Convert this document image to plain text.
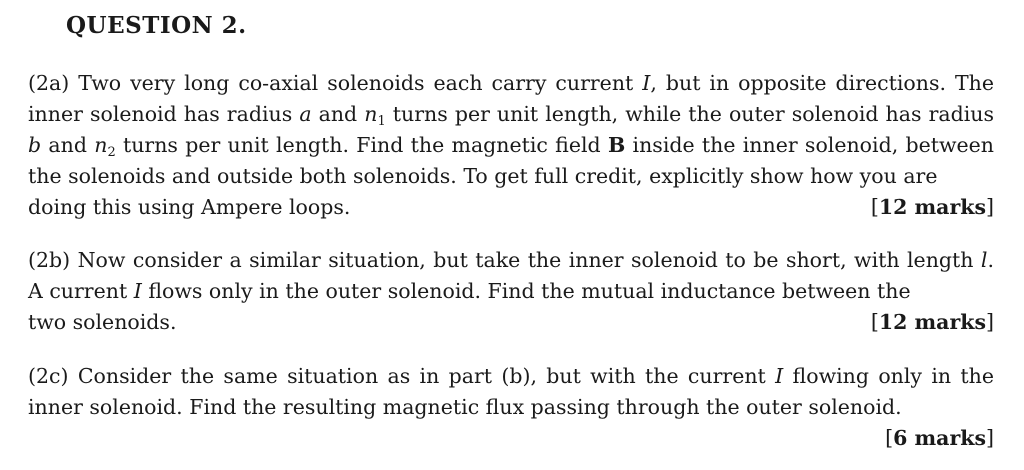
QUESTION 2.

(2a) Two very long co-axial solenoids each carry current I, but in opposite directions. The inner solenoid has radius a and $n_1$ turns per unit length, while the outer solenoid has radius b and $n_2$ turns per unit length. Find the magnetic field B inside the inner solenoid, between the solenoids and outside both solenoids. To get full credit, explicitly show how you are

doing this using Ampere loops.	[12 marks]

(2b) Now consider a similar situation, but take the inner solenoid to be short, with length l. A current I flows only in the outer solenoid. Find the mutual inductance between the

two solenoids.	[12 marks]

(2c) Consider the same situation as in part (b), but with the current I flowing only in the inner solenoid. Find the resulting magnetic flux passing through the outer solenoid.

[6 marks]
